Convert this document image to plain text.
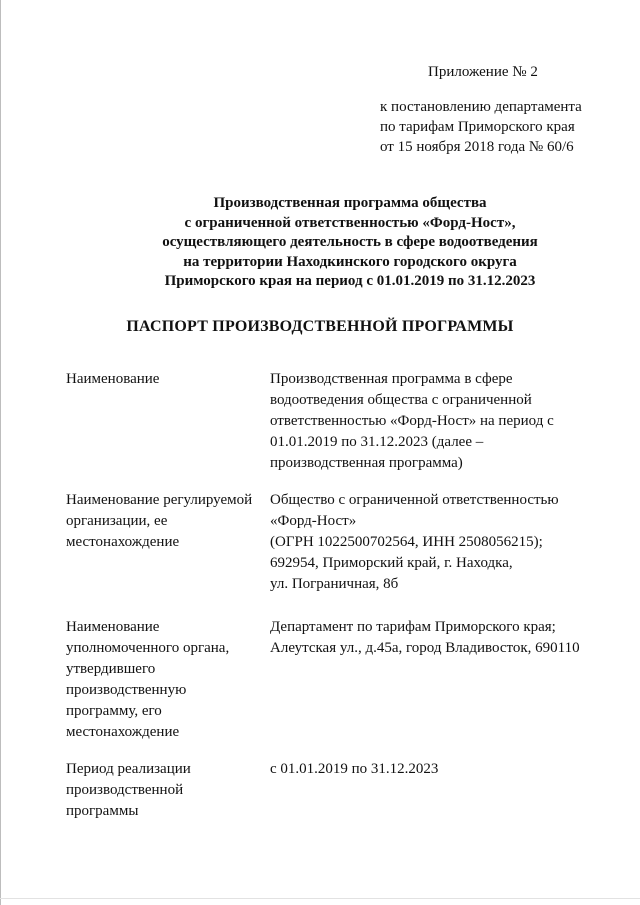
Приложение № 2
к постановлению департамента
по тарифам Приморского края
от 15 ноября 2018 года № 60/6
Производственная программа общества
с ограниченной ответственностью «Форд-Ност»,
осуществляющего деятельность в сфере водоотведения
на территории Находкинского городского округа
Приморского края на период с 01.01.2019 по 31.12.2023
ПАСПОРТ ПРОИЗВОДСТВЕННОЙ ПРОГРАММЫ
Наименование	Производственная программа в сфере
водоотведения общества с ограниченной
ответственностью «Форд-Ност» на период с
01.01.2019 по 31.12.2023 (далее –
производственная программа)
Наименование регулируемой
организации, ее
местонахождение
Общество с ограниченной ответственностью
«Форд-Ност»
(ОГРН 1022500702564, ИНН 2508056215);
692954, Приморский край, г. Находка,
ул. Пограничная, 8б
Наименование
уполномоченного органа,
утвердившего
производственную
программу, его
местонахождение
Департамент по тарифам Приморского края;
Алеутская ул., д.45а, город Владивосток, 690110
Период реализации
производственной
программы
с 01.01.2019 по 31.12.2023
